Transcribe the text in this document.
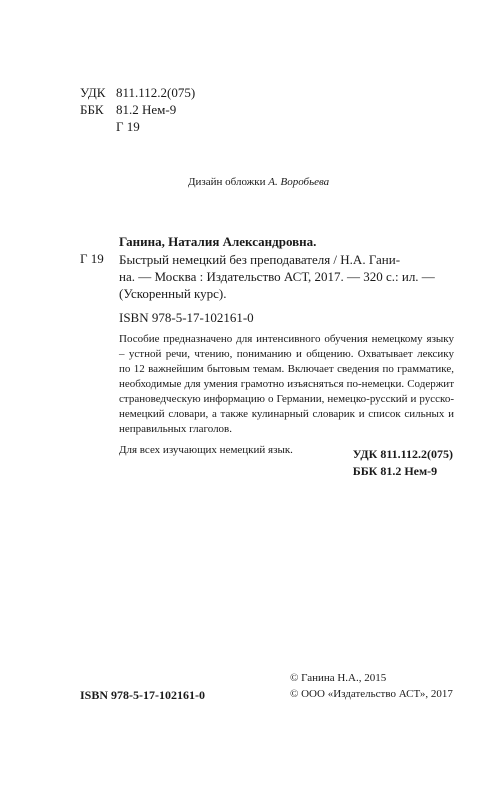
УДК 811.112.2(075)
ББК 81.2 Нем-9
Г 19
Дизайн обложки А. Воробьева
Ганина, Наталия Александровна.
Г 19 Быстрый немецкий без преподавателя / Н.А. Гани-
на. — Москва : Издательство АСТ, 2017. — 320 с.: ил. —
(Ускоренный курс).
ISBN 978-5-17-102161-0
Пособие предназначено для интенсивного обучения немецкому языку – устной речи, чтению, пониманию и общению. Охватывает лексику по 12 важнейшим бытовым темам. Включает сведения по грамматике, необходимые для умения грамотно изъясняться по-немецки. Содержит страноведческую информацию о Германии, немецко-русский и русско-немецкий словари, а также кулинарный словарик и список сильных и неправильных глаголов.
Для всех изучающих немецкий язык.	УДК 811.112.2(075)
ББК 81.2 Нем-9
© Ганина Н.А., 2015
© ООО «Издательство АСТ», 2017
ISBN 978-5-17-102161-0
